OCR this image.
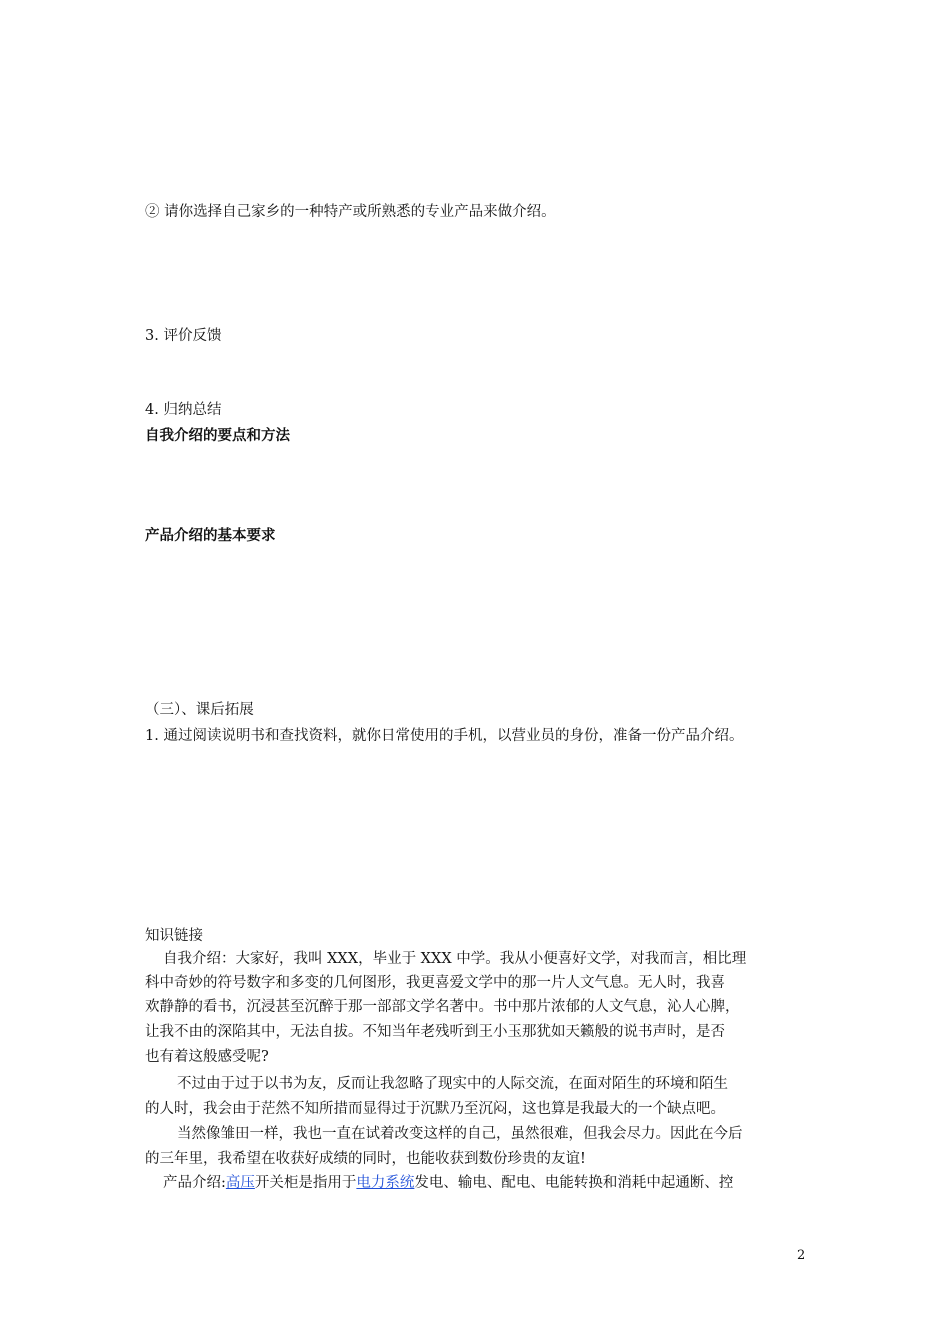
② 请你选择自己家乡的一种特产或所熟悉的专业产品来做介绍。
3. 评价反馈
4. 归纳总结
自我介绍的要点和方法
产品介绍的基本要求
（三）、课后拓展
1. 通过阅读说明书和查找资料，就你日常使用的手机，以营业员的身份，准备一份产品介绍。
知识链接
自我介绍：大家好，我叫 XXX，毕业于 XXX 中学。我从小便喜好文学，对我而言，相比理
科中奇妙的符号数字和多变的几何图形，我更喜爱文学中的那一片人文气息。无人时，我喜
欢静静的看书，沉浸甚至沉醉于那一部部文学名著中。书中那片浓郁的人文气息，沁人心脾，
让我不由的深陷其中，无法自拔。不知当年老残听到王小玉那犹如天籁般的说书声时，是否
也有着这般感受呢?
不过由于过于以书为友，反而让我忽略了现实中的人际交流，在面对陌生的环境和陌生
的人时，我会由于茫然不知所措而显得过于沉默乃至沉闷，这也算是我最大的一个缺点吧。
当然像雏田一样，我也一直在试着改变这样的自己，虽然很难，但我会尽力。因此在今后
的三年里，我希望在收获好成绩的同时，也能收获到数份珍贵的友谊!
产品介绍:高压开关柜是指用于电力系统发电、输电、配电、电能转换和消耗中起通断、控
2
